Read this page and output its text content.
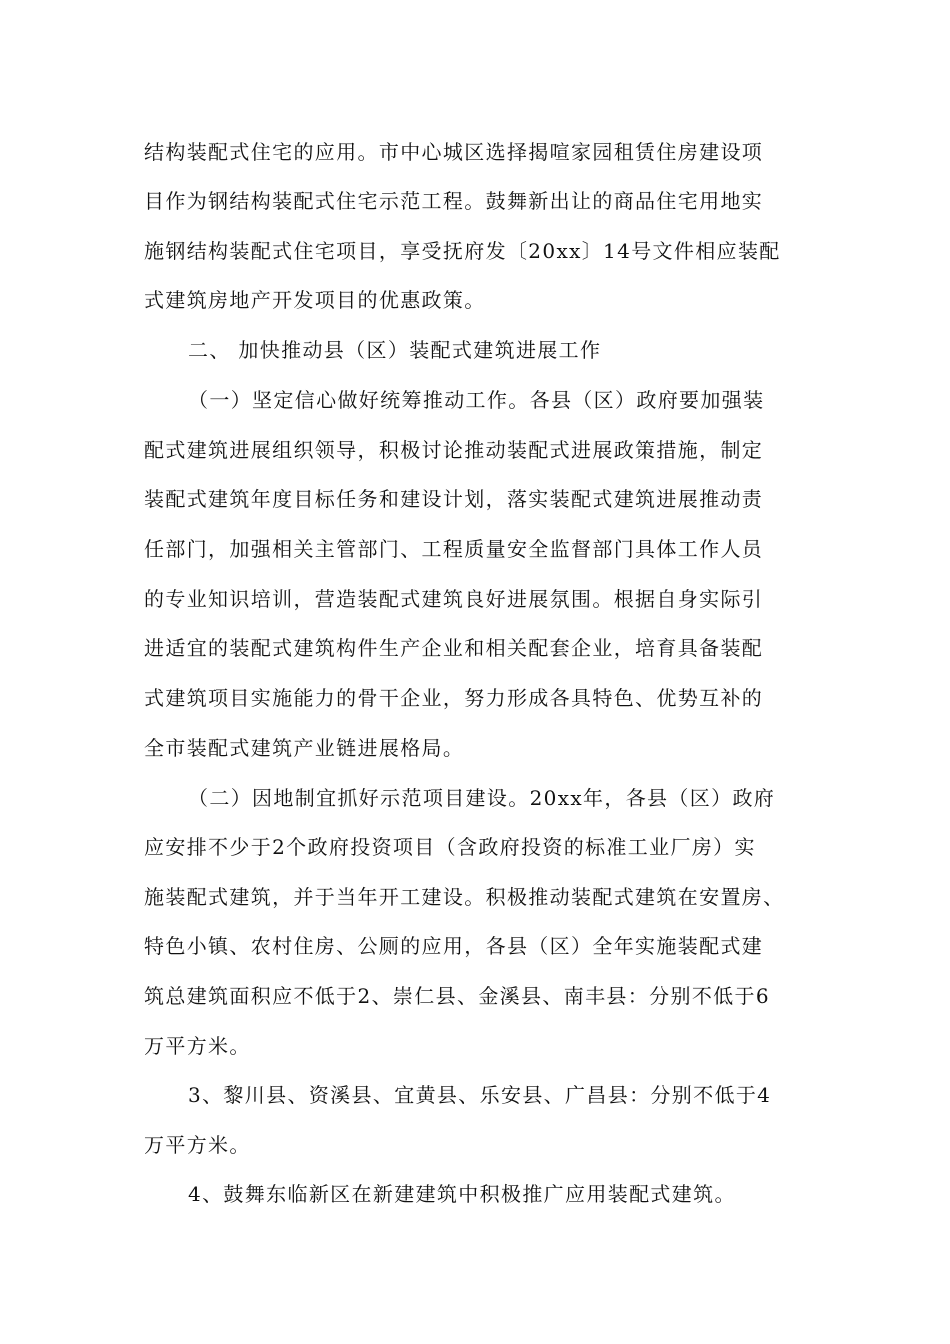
结构装配式住宅的应用。市中心城区选择揭喧家园租赁住房建设项
目作为钢结构装配式住宅示范工程。鼓舞新出让的商品住宅用地实
施钢结构装配式住宅项目，享受抚府发〔20xx〕14号文件相应装配
式建筑房地产开发项目的优惠政策。
二、 加快推动县（区）装配式建筑进展工作
（一）坚定信心做好统筹推动工作。各县（区）政府要加强装
配式建筑进展组织领导，积极讨论推动装配式进展政策措施，制定
装配式建筑年度目标任务和建设计划，落实装配式建筑进展推动责
任部门，加强相关主管部门、工程质量安全监督部门具体工作人员
的专业知识培训，营造装配式建筑良好进展氛围。根据自身实际引
进适宜的装配式建筑构件生产企业和相关配套企业，培育具备装配
式建筑项目实施能力的骨干企业，努力形成各具特色、优势互补的
全市装配式建筑产业链进展格局。
（二）因地制宜抓好示范项目建设。20xx年，各县（区）政府
应安排不少于2个政府投资项目（含政府投资的标准工业厂房）实
施装配式建筑，并于当年开工建设。积极推动装配式建筑在安置房、
特色小镇、农村住房、公厕的应用，各县（区）全年实施装配式建
筑总建筑面积应不低于2、崇仁县、金溪县、南丰县：分别不低于6
万平方米。
3、黎川县、资溪县、宜黄县、乐安县、广昌县：分别不低于4
万平方米。
4、鼓舞东临新区在新建建筑中积极推广应用装配式建筑。
